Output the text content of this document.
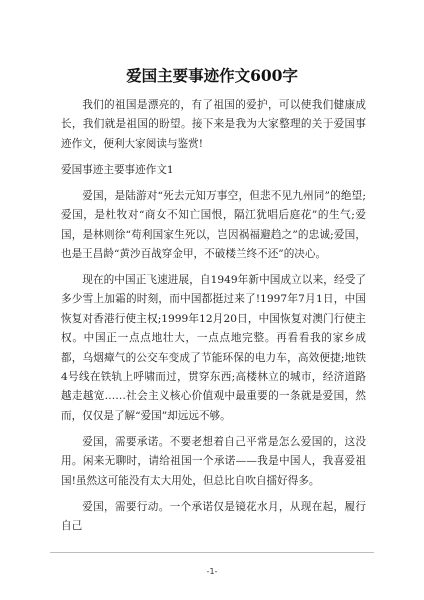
爱国主要事迹作文600字

我们的祖国是漂亮的，有了祖国的爱护，可以使我们健康成长，我们就是祖国的盼望。接下来是我为大家整理的关于爱国事迹作文，便利大家阅读与鉴赏!

爱国事迹主要事迹作文1

爱国，是陆游对“死去元知万事空，但悲不见九州同”的绝望;爱国，是杜牧对“商女不知亡国恨，隔江犹唱后庭花”的生气;爱国，是林则徐“苟利国家生死以，岂因祸福避趋之”的忠诚;爱国，也是王昌龄“黄沙百战穿金甲，不破楼兰终不还”的决心。

现在的中国正飞速进展，自1949年新中国成立以来，经受了多少雪上加霜的时刻，而中国都挺过来了!1997年7月1日，中国恢复对香港行使主权;1999年12月20日，中国恢复对澳门行使主权。中国正一点点地壮大，一点点地完整。再看看我的家乡成都，乌烟瘴气的公交车变成了节能环保的电力车，高效便捷;地铁4号线在铁轨上呼啸而过，贯穿东西;高楼林立的城市，经济道路越走越宽……社会主义核心价值观中最重要的一条就是爱国，然而，仅仅是了解“爱国”却远远不够。

爱国，需要承诺。不要老想着自己平常是怎么爱国的，这没用。闲来无聊时，请给祖国一个承诺——我是中国人，我喜爱祖国!虽然这可能没有太大用处，但总比自吹自擂好得多。

爱国，需要行动。一个承诺仅是镜花水月，从现在起，履行自己

-1-
